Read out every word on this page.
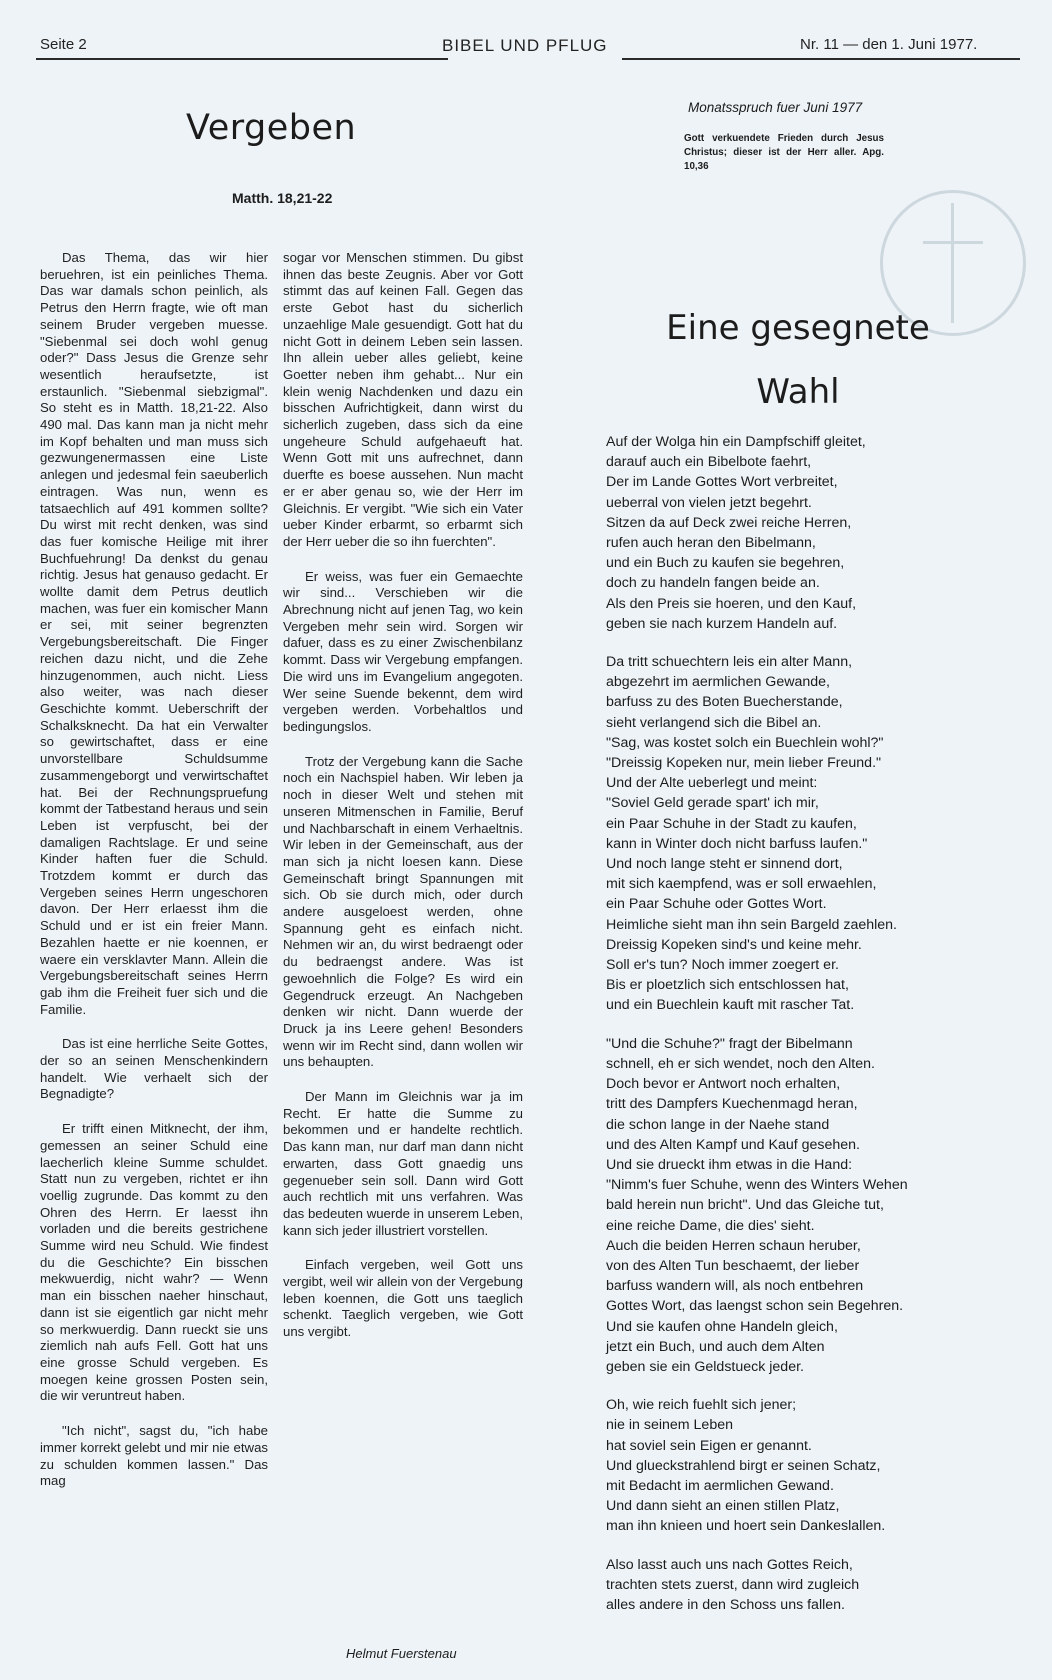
Seite 2	BIBEL UND PFLUG	Nr. 11 — den 1. Juni 1977.
Vergeben
Matth. 18,21-22

Das Thema, das wir hier beruehren, ist ein peinliches Thema. Das war damals schon peinlich, als Petrus den Herrn fragte, wie oft man seinem Bruder vergeben muesse. "Siebenmal sei doch wohl genug oder?" Dass Jesus die Grenze sehr wesentlich heraufsetzte, ist erstaunlich. "Siebenmal siebzigmal". So steht es in Matth. 18,21-22. Also 490 mal. Das kann man ja nicht mehr im Kopf behalten und man muss sich gezwungenermassen eine Liste anlegen und jedesmal fein saeuberlich eintragen. Was nun, wenn es tatsaechlich auf 491 kommen sollte? Du wirst mit recht denken, was sind das fuer komische Heilige mit ihrer Buchfuehrung! Da denkst du genau richtig. Jesus hat genauso gedacht. Er wollte damit dem Petrus deutlich machen, was fuer ein komischer Mann er sei, mit seiner begrenzten Vergebungsbereitschaft. Die Finger reichen dazu nicht, und die Zehe hinzugenommen, auch nicht. Liess also weiter, was nach dieser Geschichte kommt. Ueberschrift der Schalksknecht. Da hat ein Verwalter so gewirtschaftet, dass er eine unvorstellbare Schuldsumme zusammengeborgt und verwirtschaftet hat. Bei der Rechnungspruefung kommt der Tatbestand heraus und sein Leben ist verpfuscht, bei der damaligen Rachtslage. Er und seine Kinder haften fuer die Schuld. Trotzdem kommt er durch das Vergeben seines Herrn ungeschoren davon. Der Herr erlaesst ihm die Schuld und er ist ein freier Mann. Bezahlen haette er nie koennen, er waere ein versklavter Mann. Allein die Vergebungsbereitschaft seines Herrn gab ihm die Freiheit fuer sich und die Familie.

Das ist eine herrliche Seite Gottes, der so an seinen Menschenkindern handelt. Wie verhaelt sich der Begnadigte?

Er trifft einen Mitknecht, der ihm, gemessen an seiner Schuld eine laecherlich kleine Summe schuldet. Statt nun zu vergeben, richtet er ihn voellig zugrunde. Das kommt zu den Ohren des Herrn. Er laesst ihn vorladen und die bereits gestrichene Summe wird neu Schuld. Wie findest du die Geschichte? Ein bisschen mekwuerdig, nicht wahr? — Wenn man ein bisschen naeher hinschaut, dann ist sie eigentlich gar nicht mehr so merkwuerdig. Dann rueckt sie uns ziemlich nah aufs Fell. Gott hat uns eine grosse Schuld vergeben. Es moegen keine grossen Posten sein, die wir veruntreut haben.

"Ich nicht", sagst du, "ich habe immer korrekt gelebt und mir nie etwas zu schulden kommen lassen." Das mag

sogar vor Menschen stimmen. Du gibst ihnen das beste Zeugnis. Aber vor Gott stimmt das auf keinen Fall. Gegen das erste Gebot hast du sicherlich unzaehlige Male gesuendigt. Gott hat du nicht Gott in deinem Leben sein lassen. Ihn allein ueber alles geliebt, keine Goetter neben ihm gehabt... Nur ein klein wenig Nachdenken und dazu ein bisschen Aufrichtigkeit, dann wirst du sicherlich zugeben, dass sich da eine ungeheure Schuld aufgehaeuft hat. Wenn Gott mit uns aufrechnet, dann duerfte es boese aussehen. Nun macht er er aber genau so, wie der Herr im Gleichnis. Er vergibt. "Wie sich ein Vater ueber Kinder erbarmt, so erbarmt sich der Herr ueber die so ihn fuerchten".

Er weiss, was fuer ein Gemaechte wir sind... Verschieben wir die Abrechnung nicht auf jenen Tag, wo kein Vergeben mehr sein wird. Sorgen wir dafuer, dass es zu einer Zwischenbilanz kommt. Dass wir Vergebung empfangen. Die wird uns im Evangelium angegoten. Wer seine Suende bekennt, dem wird vergeben werden. Vorbehaltlos und bedingungslos.

Trotz der Vergebung kann die Sache noch ein Nachspiel haben. Wir leben ja noch in dieser Welt und stehen mit unseren Mitmenschen in Familie, Beruf und Nachbarschaft in einem Verhaeltnis. Wir leben in der Gemeinschaft, aus der man sich ja nicht loesen kann. Diese Gemeinschaft bringt Spannungen mit sich. Ob sie durch mich, oder durch andere ausgeloest werden, ohne Spannung geht es einfach nicht. Nehmen wir an, du wirst bedraengt oder du bedraengst andere. Was ist gewoehnlich die Folge? Es wird ein Gegendruck erzeugt. An Nachgeben denken wir nicht. Dann wuerde der Druck ja ins Leere gehen! Besonders wenn wir im Recht sind, dann wollen wir uns behaupten.

Der Mann im Gleichnis war ja im Recht. Er hatte die Summe zu bekommen und er handelte rechtlich. Das kann man, nur darf man dann nicht erwarten, dass Gott gnaedig uns gegenueber sein soll. Dann wird Gott auch rechtlich mit uns verfahren. Was das bedeuten wuerde in unserem Leben, kann sich jeder illustriert vorstellen.

Einfach vergeben, weil Gott uns vergibt, weil wir allein von der Vergebung leben koennen, die Gott uns taeglich schenkt. Taeglich vergeben, wie Gott uns vergibt.

Helmut Fuerstenau
Monatsspruch fuer Juni 1977
Gott verkuendete Frieden durch Jesus Christus; dieser ist der Herr aller. Apg. 10,36
Eine gesegnete
Wahl
Auf der Wolga hin ein Dampfschiff gleitet,
darauf auch ein Bibelbote faehrt,
Der im Lande Gottes Wort verbreitet,
ueberral von vielen jetzt begehrt.
Sitzen da auf Deck zwei reiche Herren,
rufen auch heran den Bibelmann,
und ein Buch zu kaufen sie begehren,
doch zu handeln fangen beide an.
Als den Preis sie hoeren, und den Kauf,
geben sie nach kurzem Handeln auf.
Da tritt schuechtern leis ein alter Mann,
abgezehrt im aermlichen Gewande,
barfuss zu des Boten Buecherstande,
sieht verlangend sich die Bibel an.
"Sag, was kostet solch ein Buechlein wohl?"
"Dreissig Kopeken nur, mein lieber Freund."
Und der Alte ueberlegt und meint:
"Soviel Geld gerade spart' ich mir,
ein Paar Schuhe in der Stadt zu kaufen,
kann in Winter doch nicht barfuss laufen."
Und noch lange steht er sinnend dort,
mit sich kaempfend, was er soll erwaehlen,
ein Paar Schuhe oder Gottes Wort.
Heimliche sieht man ihn sein Bargeld zaehlen.
Dreissig Kopeken sind's und keine mehr.
Soll er's tun? Noch immer zoegert er.
Bis er ploetzlich sich entschlossen hat,
und ein Buechlein kauft mit rascher Tat.
"Und die Schuhe?" fragt der Bibelmann
schnell, eh er sich wendet, noch den Alten.
Doch bevor er Antwort noch erhalten,
tritt des Dampfers Kuechenmagd heran,
die schon lange in der Naehe stand
und des Alten Kampf und Kauf gesehen.
Und sie drueckt ihm etwas in die Hand:
"Nimm's fuer Schuhe, wenn des Winters Wehen
bald herein nun bricht". Und das Gleiche tut,
eine reiche Dame, die dies' sieht.
Auch die beiden Herren schaun heruber,
von des Alten Tun beschaemt, der lieber
barfuss wandern will, als noch entbehren
Gottes Wort, das laengst schon sein Begehren.
Und sie kaufen ohne Handeln gleich,
jetzt ein Buch, und auch dem Alten
geben sie ein Geldstueck jeder.
Oh, wie reich fuehlt sich jener;
nie in seinem Leben
hat soviel sein Eigen er genannt.
Und glueckstrahlend birgt er seinen Schatz,
mit Bedacht im aermlichen Gewand.
Und dann sieht an einen stillen Platz,
man ihn knieen und hoert sein Dankeslallen.
Also lasst auch uns nach Gottes Reich,
trachten stets zuerst, dann wird zugleich
alles andere in den Schoss uns fallen.
